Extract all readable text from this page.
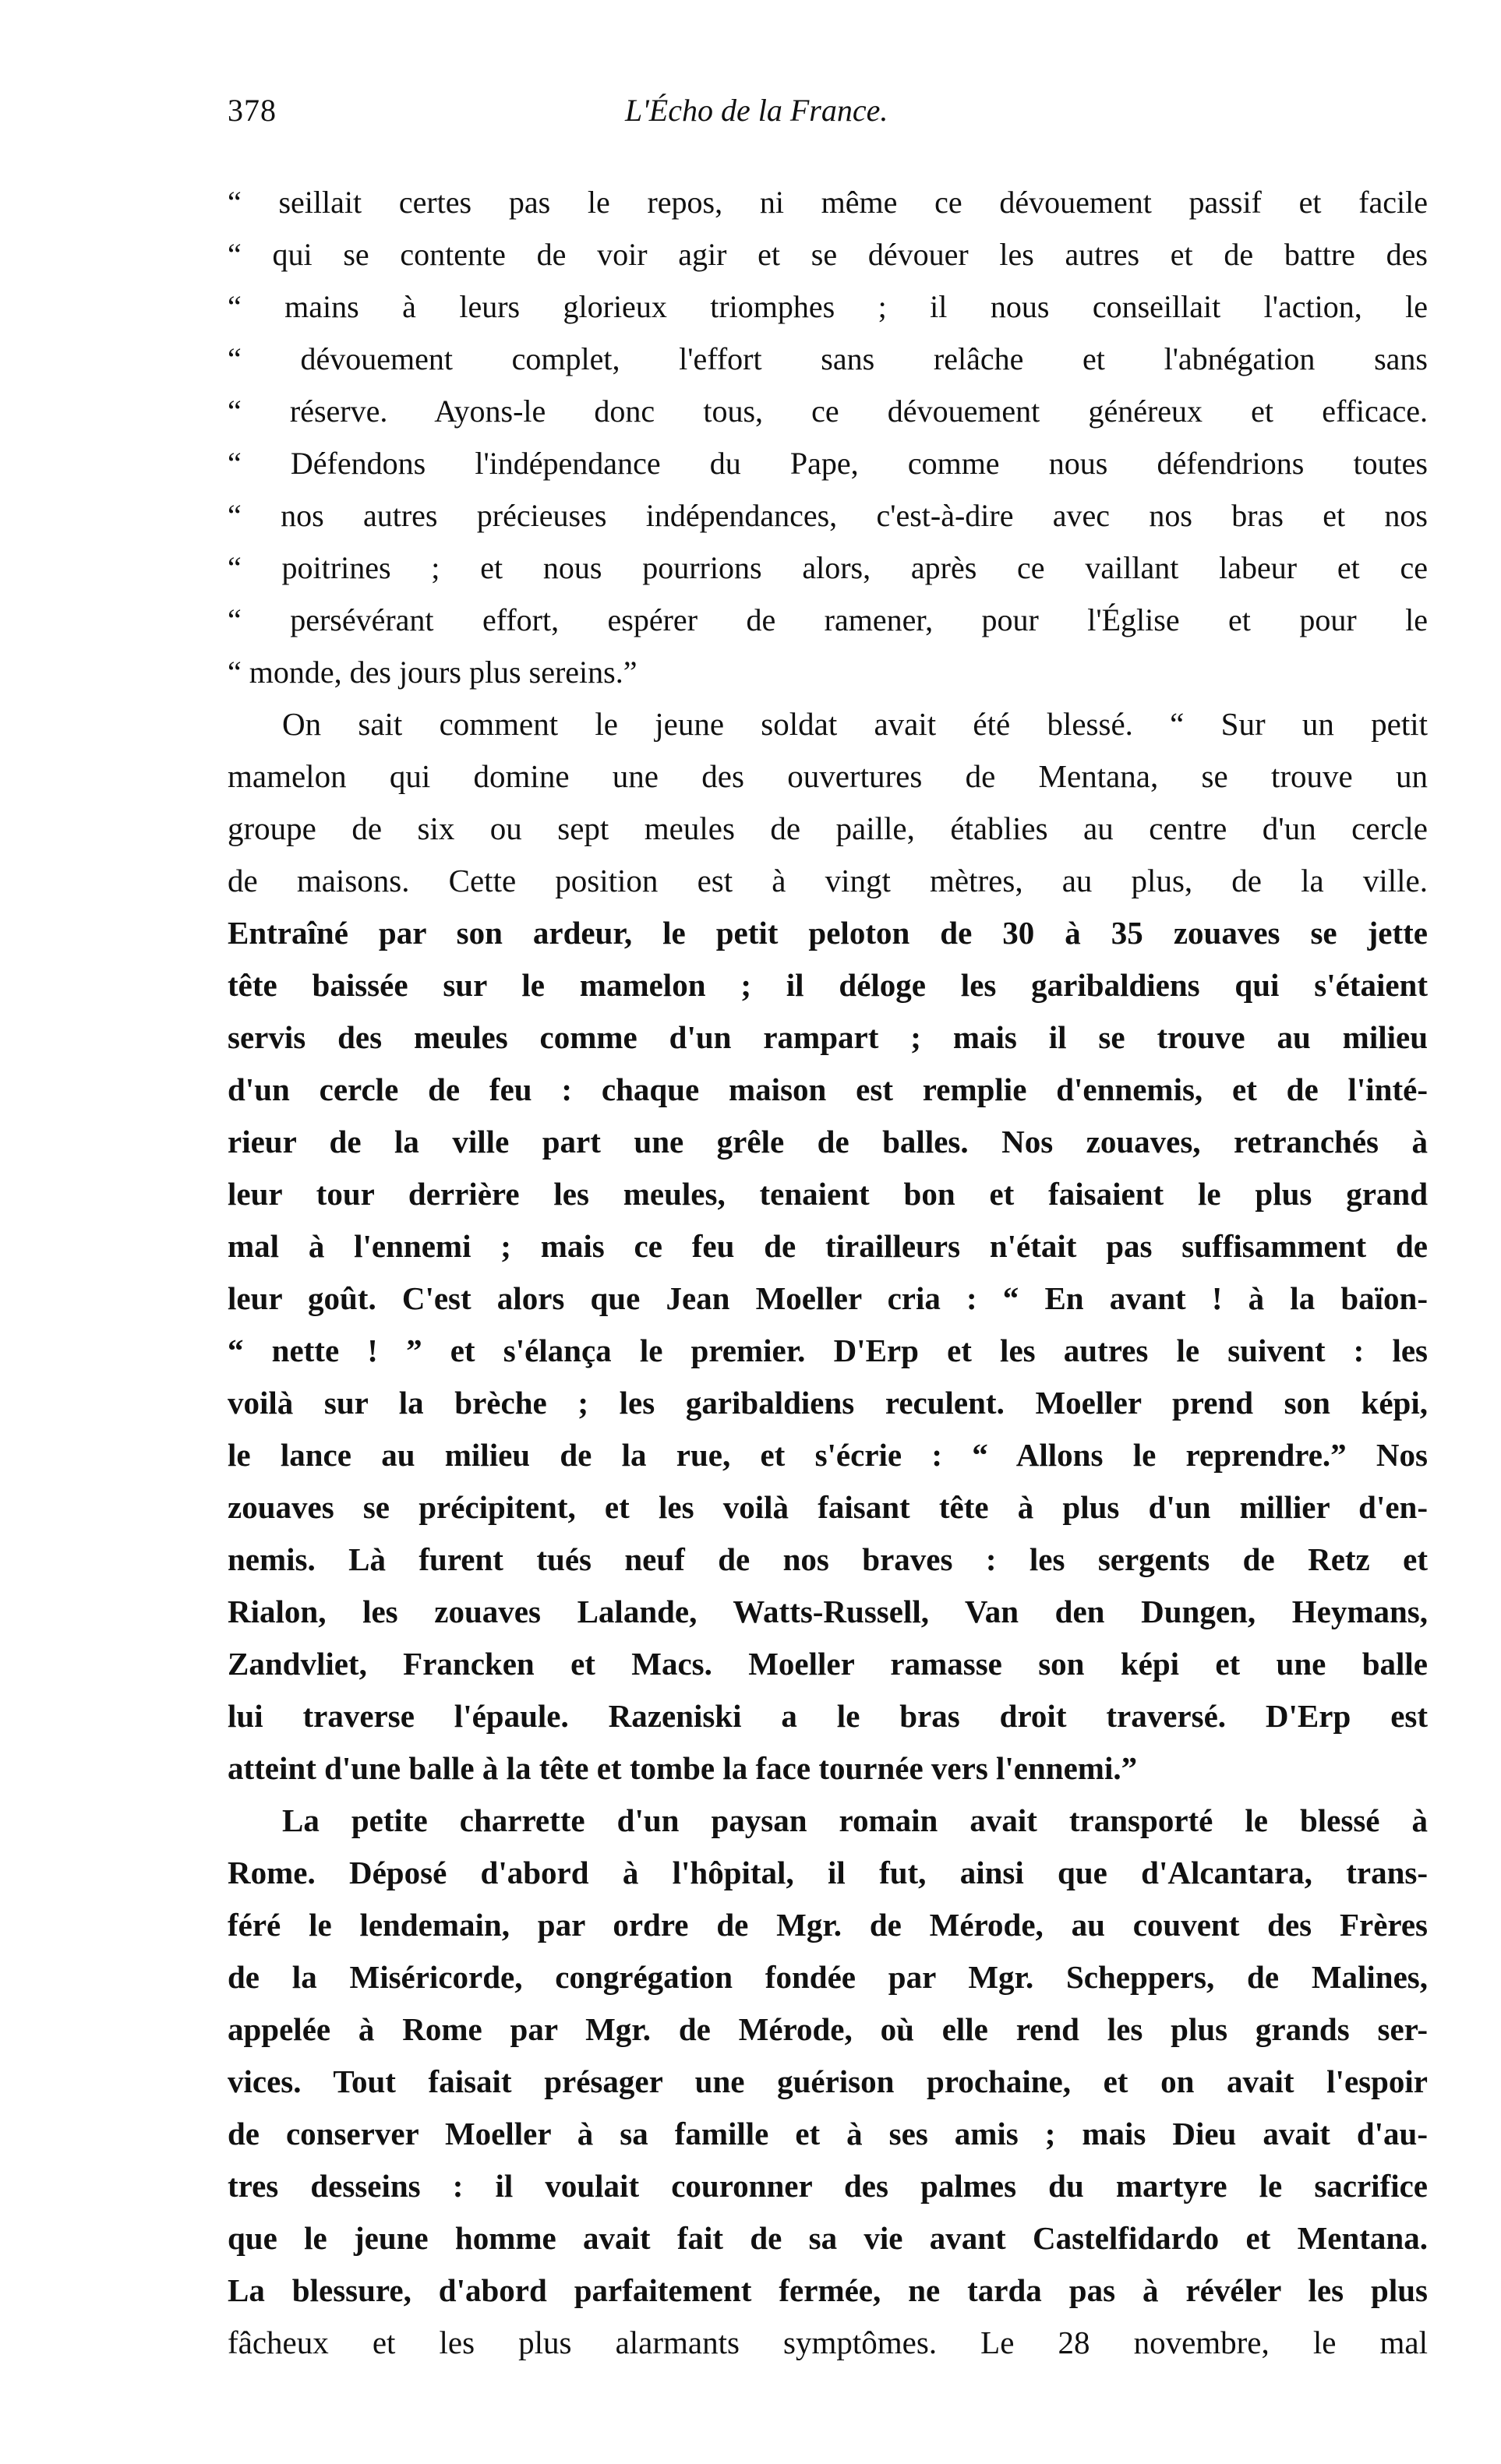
378	L'Écho de la France.
“ seillait certes pas le repos, ni même ce dévouement passif et facile
“ qui se contente de voir agir et se dévouer les autres et de battre des
“ mains à leurs glorieux triomphes ; il nous conseillait l'action, le
“ dévouement complet, l'effort sans relâche et l'abnégation sans
“ réserve. Ayons-le donc tous, ce dévouement généreux et efficace.
“ Défendons l'indépendance du Pape, comme nous défendrions toutes
“ nos autres précieuses indépendances, c'est-à-dire avec nos bras et nos
“ poitrines ; et nous pourrions alors, après ce vaillant labeur et ce
“ persévérant effort, espérer de ramener, pour l'Église et pour le
“ monde, des jours plus sereins.”
On sait comment le jeune soldat avait été blessé. “ Sur un petit
mamelon qui domine une des ouvertures de Mentana, se trouve un
groupe de six ou sept meules de paille, établies au centre d'un cercle
de maisons. Cette position est à vingt mètres, au plus, de la ville.
Entraîné par son ardeur, le petit peloton de 30 à 35 zouaves se jette
tête baissée sur le mamelon ; il déloge les garibaldiens qui s'étaient
servis des meules comme d'un rampart ; mais il se trouve au milieu
d'un cercle de feu : chaque maison est remplie d'ennemis, et de l'inté-
rieur de la ville part une grêle de balles. Nos zouaves, retranchés à
leur tour derrière les meules, tenaient bon et faisaient le plus grand
mal à l'ennemi ; mais ce feu de tirailleurs n'était pas suffisamment de
leur goût. C'est alors que Jean Moeller cria : “ En avant ! à la baïon-
“ nette ! ” et s'élança le premier. D'Erp et les autres le suivent : les
voilà sur la brèche ; les garibaldiens reculent. Moeller prend son képi,
le lance au milieu de la rue, et s'écrie : “ Allons le reprendre.” Nos
zouaves se précipitent, et les voilà faisant tête à plus d'un millier d'en-
nemis. Là furent tués neuf de nos braves : les sergents de Retz et
Rialon, les zouaves Lalande, Watts-Russell, Van den Dungen, Heymans,
Zandvliet, Francken et Macs. Moeller ramasse son képi et une balle
lui traverse l'épaule. Razeniski a le bras droit traversé. D'Erp est
atteint d'une balle à la tête et tombe la face tournée vers l'ennemi.”
La petite charrette d'un paysan romain avait transporté le blessé à
Rome. Déposé d'abord à l'hôpital, il fut, ainsi que d'Alcantara, trans-
féré le lendemain, par ordre de Mgr. de Mérode, au couvent des Frères
de la Miséricorde, congrégation fondée par Mgr. Scheppers, de Malines,
appelée à Rome par Mgr. de Mérode, où elle rend les plus grands ser-
vices. Tout faisait présager une guérison prochaine, et on avait l'espoir
de conserver Moeller à sa famille et à ses amis ; mais Dieu avait d'au-
tres desseins : il voulait couronner des palmes du martyre le sacrifice
que le jeune homme avait fait de sa vie avant Castelfidardo et Mentana.
La blessure, d'abord parfaitement fermée, ne tarda pas à révéler les plus
fâcheux et les plus alarmants symptômes. Le 28 novembre, le mal
